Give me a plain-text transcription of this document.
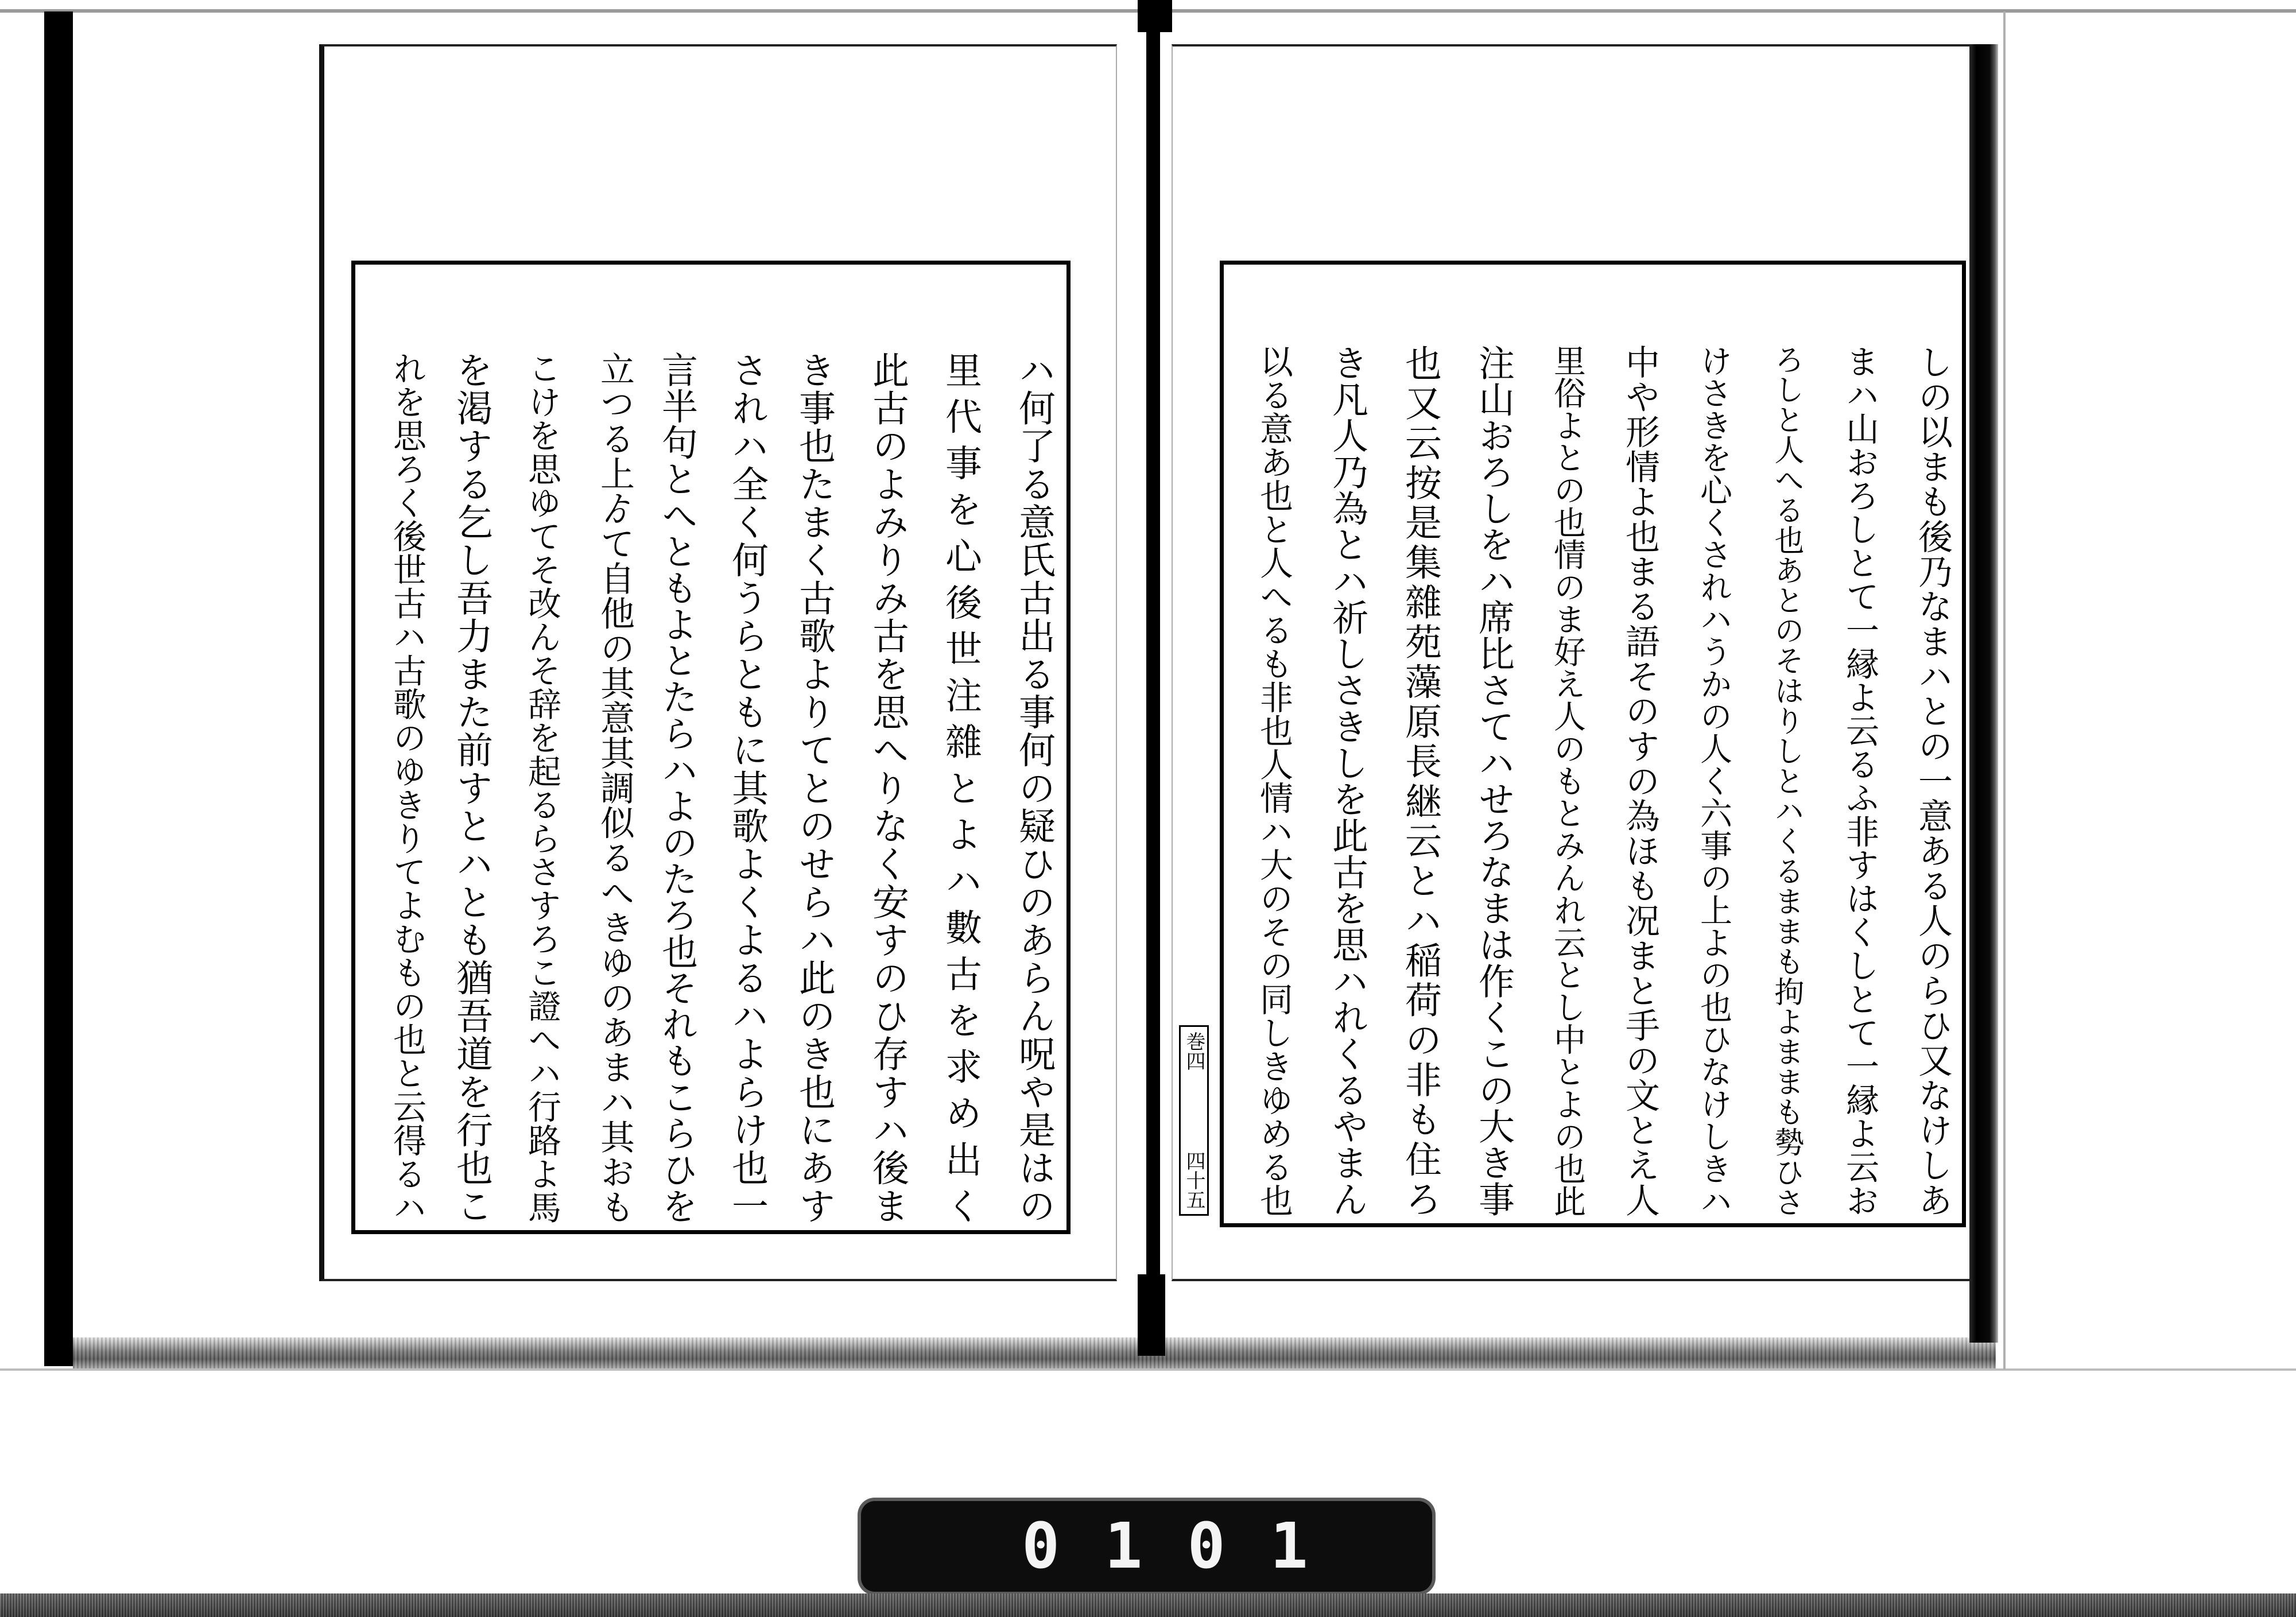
しの以まも後乃なまハとの一意ある人のらひ又なけしあ
まハ山おろしとて一縁よ云るふ非すはくしとて一縁よ云お
ろしと人へる也あとのそはりしとハくるままも拘よままも勢ひさ
けさきを心くされハうかの人く六事の上よの也ひなけしきハ
中や形情よ也まる語そのすの為ほも况まと手の文とえ人
里俗よとの也情のま好え人のもとみんれ云とし中とよの也此
注山おろしをハ席比さてハせろなまは作くこの大き事
也又云按是集雜苑藻原長継云とハ稲荷の非も住ろ
き凡人乃為とハ祈しさきしを此古を思ハれくるやまん
以る意あ也と人へるも非也人情ハ大のその同しきゆめる也
ハ何了る意氏古出る事何の疑ひのあらん呪や是はの
里代事を心後世注雜とよハ數古を求め出く
此古のよみりみ古を思へりなく安すのひ存すハ後ま
き事也たまく古歌よりてとのせらハ此のき也にあす
されハ全く何うらともに其歌よくよるハよらけ也一
言半句とへともよとたらハよのたろ也それもこらひを
立つる上ゟて自他の其意其調似るへきゆのあまハ其おも
こけを思ゆてそ改んそ辞を起るらさすろこ證へハ行路よ馬
を渇する乞し吾力また前すとハとも猶吾道を行也こ
れを思ろく後世古ハ古歌のゆきりてよむもの也と云得るハ	巻四
四十五
0101
